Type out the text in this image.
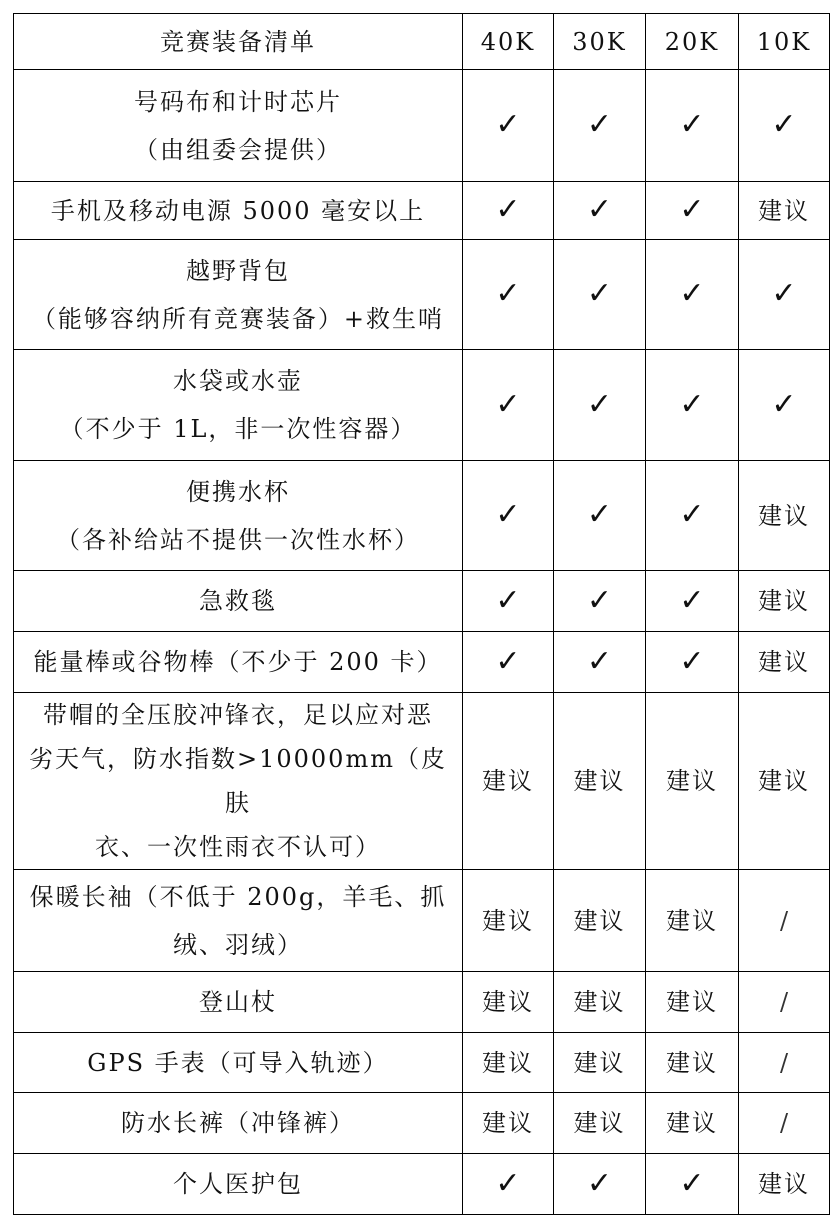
竞赛装备清单	40K	30K	20K	10K

号码布和计时芯片
（由组委会提供）	✓	✓	✓	✓

手机及移动电源 5000 毫安以上	✓	✓	✓	建议

越野背包
（能够容纳所有竞赛装备）+救生哨	✓	✓	✓	✓

水袋或水壶
（不少于 1L，非一次性容器）	✓	✓	✓	✓

便携水杯
（各补给站不提供一次性水杯）	✓	✓	✓	建议

急救毯	✓	✓	✓	建议

能量棒或谷物棒（不少于 200 卡）	✓	✓	✓	建议

带帽的全压胶冲锋衣，足以应对恶
劣天气，防水指数>10000mm（皮肤
衣、一次性雨衣不认可）	建议	建议	建议	建议

保暖长袖（不低于 200g，羊毛、抓
绒、羽绒）	建议	建议	建议	/

登山杖	建议	建议	建议	/

GPS 手表（可导入轨迹）	建议	建议	建议	/

防水长裤（冲锋裤）	建议	建议	建议	/

个人医护包	✓	✓	✓	建议
